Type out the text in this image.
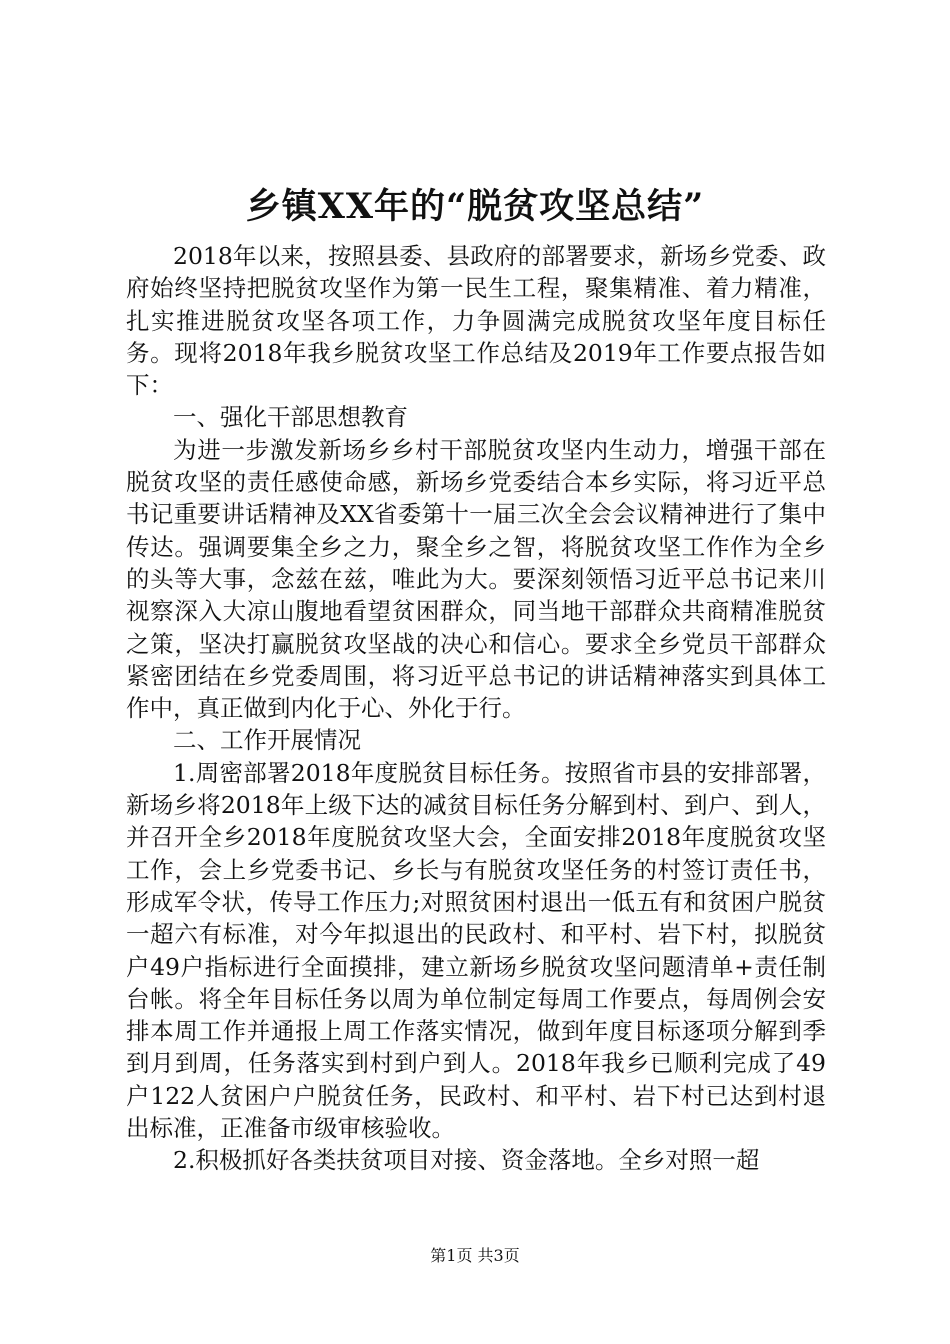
乡镇XX年的“脱贫攻坚总结”

2018年以来，按照县委、县政府的部署要求，新场乡党委、政府始终坚持把脱贫攻坚作为第一民生工程，聚集精准、着力精准，扎实推进脱贫攻坚各项工作，力争圆满完成脱贫攻坚年度目标任务。现将2018年我乡脱贫攻坚工作总结及2019年工作要点报告如下：

一、强化干部思想教育

为进一步激发新场乡乡村干部脱贫攻坚内生动力，增强干部在脱贫攻坚的责任感使命感，新场乡党委结合本乡实际，将习近平总书记重要讲话精神及XX省委第十一届三次全会会议精神进行了集中传达。强调要集全乡之力，聚全乡之智，将脱贫攻坚工作作为全乡的头等大事，念兹在兹，唯此为大。要深刻领悟习近平总书记来川视察深入大凉山腹地看望贫困群众，同当地干部群众共商精准脱贫之策，坚决打赢脱贫攻坚战的决心和信心。要求全乡党员干部群众紧密团结在乡党委周围，将习近平总书记的讲话精神落实到具体工作中，真正做到内化于心、外化于行。

二、工作开展情况

1.周密部署2018年度脱贫目标任务。按照省市县的安排部署，新场乡将2018年上级下达的减贫目标任务分解到村、到户、到人，并召开全乡2018年度脱贫攻坚大会，全面安排2018年度脱贫攻坚工作，会上乡党委书记、乡长与有脱贫攻坚任务的村签订责任书，形成军令状，传导工作压力;对照贫困村退出一低五有和贫困户脱贫一超六有标准，对今年拟退出的民政村、和平村、岩下村，拟脱贫户49户指标进行全面摸排，建立新场乡脱贫攻坚问题清单+责任制台帐。将全年目标任务以周为单位制定每周工作要点，每周例会安排本周工作并通报上周工作落实情况，做到年度目标逐项分解到季到月到周，任务落实到村到户到人。2018年我乡已顺利完成了49户122人贫困户户脱贫任务，民政村、和平村、岩下村已达到村退出标准，正准备市级审核验收。

2.积极抓好各类扶贫项目对接、资金落地。全乡对照一超

第1页 共3页
